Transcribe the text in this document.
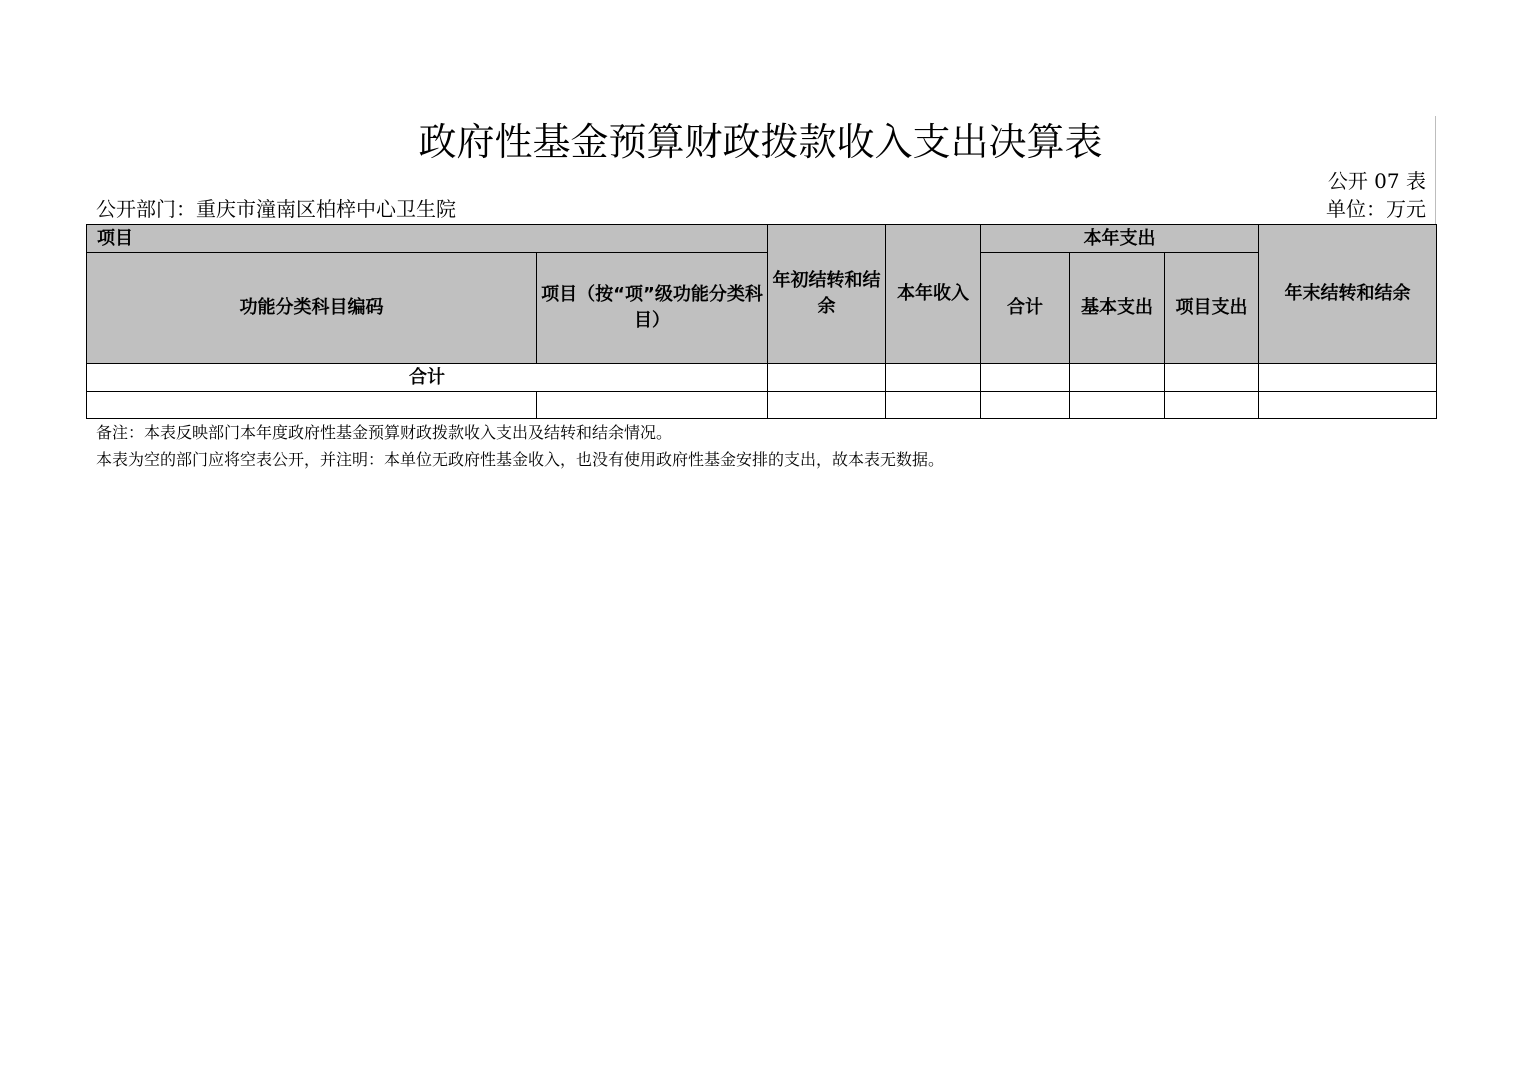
政府性基金预算财政拨款收入支出决算表
公开 07 表
公开部门：重庆市潼南区柏梓中心卫生院	单位：万元
项目		年初结转和结余	本年收入	本年支出			年末结转和结余
功能分类科目编码	项目（按“项”级功能分类科目）			合计	基本支出	项目支出	
合计							

备注：本表反映部门本年度政府性基金预算财政拨款收入支出及结转和结余情况。
本表为空的部门应将空表公开，并注明：本单位无政府性基金收入，也没有使用政府性基金安排的支出，故本表无数据。
